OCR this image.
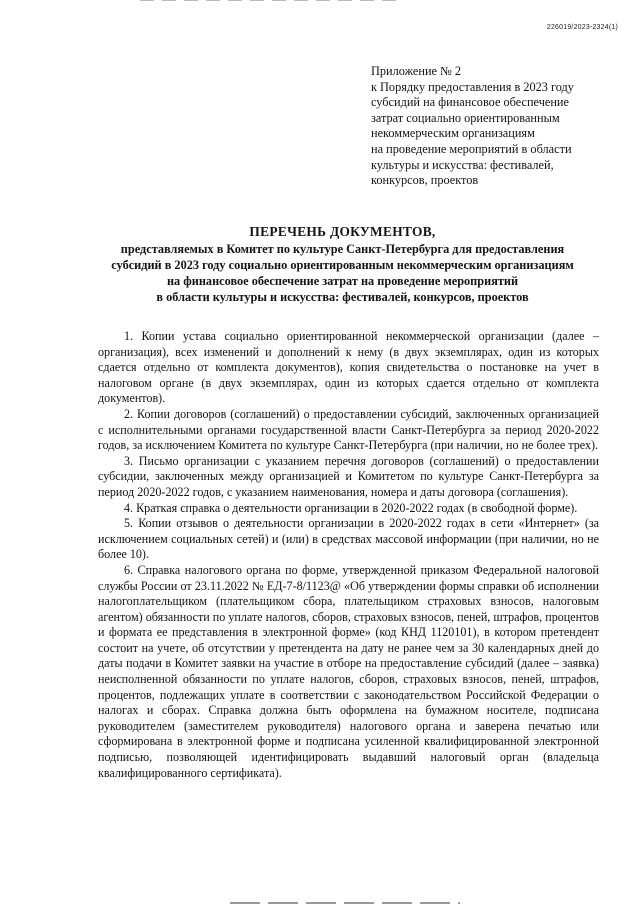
226019/2023-2324(1)
Приложение № 2
к Порядку предоставления в 2023 году
субсидий на финансовое обеспечение
затрат социально ориентированным
некоммерческим организациям
на проведение мероприятий в области
культуры и искусства: фестивалей,
конкурсов, проектов
ПЕРЕЧЕНЬ ДОКУМЕНТОВ,
представляемых в Комитет по культуре Санкт-Петербурга для предоставления
субсидий в 2023 году социально ориентированным некоммерческим организациям
на финансовое обеспечение затрат на проведение мероприятий
в области культуры и искусства: фестивалей, конкурсов, проектов

1. Копии устава социально ориентированной некоммерческой организации (далее – организация), всех изменений и дополнений к нему (в двух экземплярах, один из которых сдается отдельно от комплекта документов), копия свидетельства о постановке на учет в налоговом органе (в двух экземплярах, один из которых сдается отдельно от комплекта документов).

2. Копии договоров (соглашений) о предоставлении субсидий, заключенных организацией с исполнительными органами государственной власти Санкт-Петербурга за период 2020-2022 годов, за исключением Комитета по культуре Санкт-Петербурга (при наличии, но не более трех).

3. Письмо организации с указанием перечня договоров (соглашений) о предоставлении субсидии, заключенных между организацией и Комитетом по культуре Санкт-Петербурга за период 2020-2022 годов, с указанием наименования, номера и даты договора (соглашения).

4. Краткая справка о деятельности организации в 2020-2022 годах (в свободной форме).

5. Копии отзывов о деятельности организации в 2020-2022 годах в сети «Интернет» (за исключением социальных сетей) и (или) в средствах массовой информации (при наличии, но не более 10).

6. Справка налогового органа по форме, утвержденной приказом Федеральной налоговой службы России от 23.11.2022 № ЕД-7-8/1123@ «Об утверждении формы справки об исполнении налогоплательщиком (плательщиком сбора, плательщиком страховых взносов, налоговым агентом) обязанности по уплате налогов, сборов, страховых взносов, пеней, штрафов, процентов и формата ее представления в электронной форме» (код КНД 1120101), в котором претендент состоит на учете, об отсутствии у претендента на дату не ранее чем за 30 календарных дней до даты подачи в Комитет заявки на участие в отборе на предоставление субсидий (далее – заявка) неисполненной обязанности по уплате налогов, сборов, страховых взносов, пеней, штрафов, процентов, подлежащих уплате в соответствии с законодательством Российской Федерации о налогах и сборах. Справка должна быть оформлена на бумажном носителе, подписана руководителем (заместителем руководителя) налогового органа и заверена печатью или сформирована в электронной форме и подписана усиленной квалифицированной электронной подписью, позволяющей идентифицировать выдавший налоговый орган (владельца квалифицированного сертификата).
